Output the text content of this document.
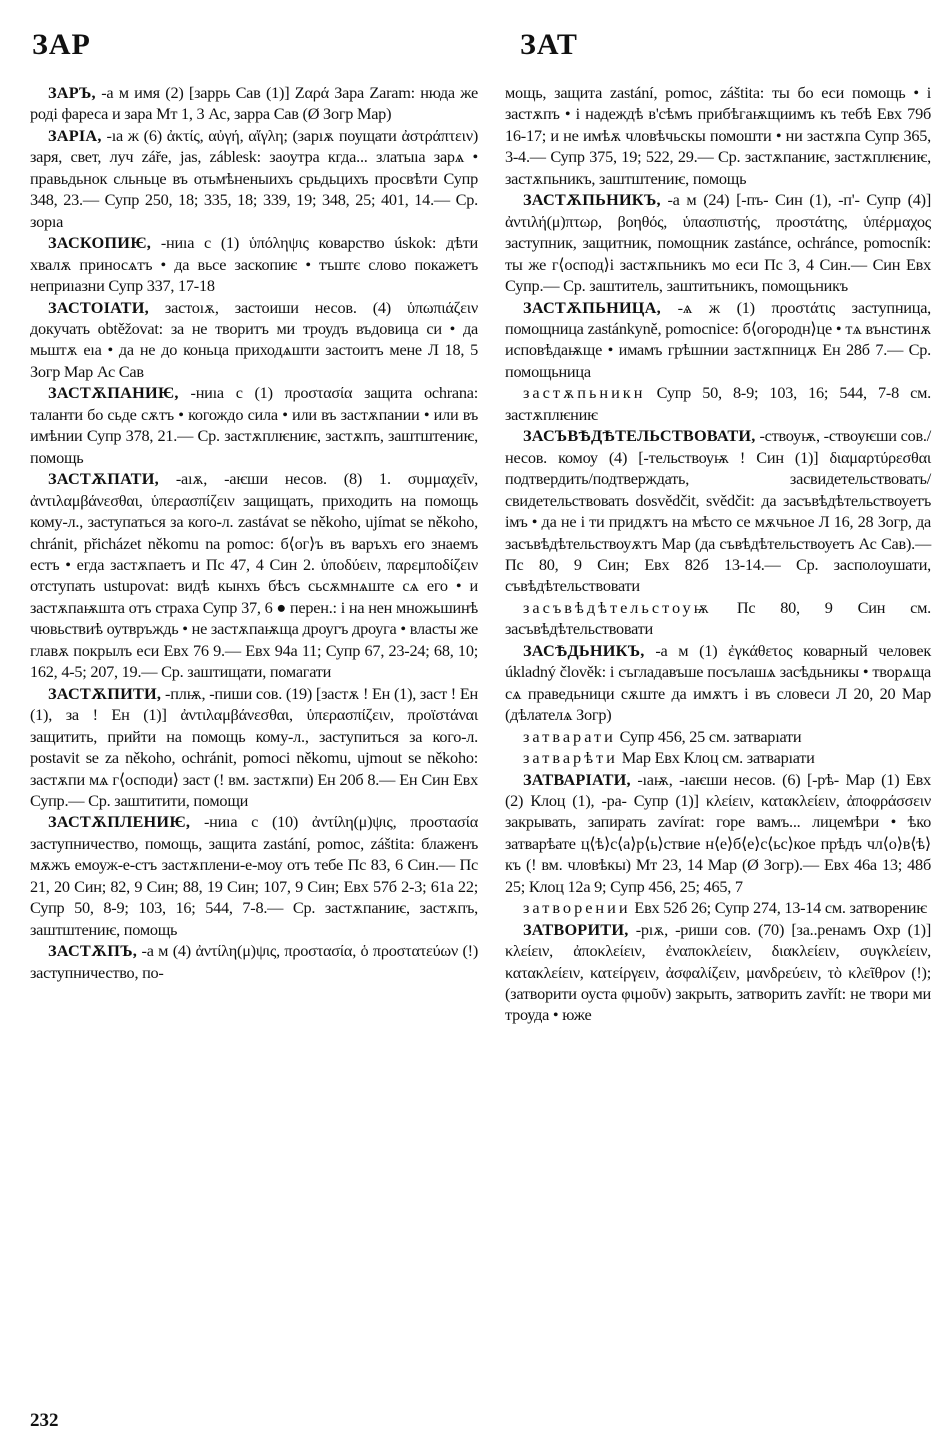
ЗАР	ЗАТ

ЗАРЪ, -а м имя (2) [заррь Сав (1)] Ζαρά Зара Zaram: нюда же роді фареса и зара Мт 1, 3 Ас, зарра Сав (Ø Зогр Мар)

ЗАРІА, -ıа ж (6) ἀκτίς, αὐγή, αἴγλη; (зарıѫ поущати ἀστράπτειν) заря, свет, луч záře, jas, záblesk: заоутра кгда... златыıа зарѧ • правьдьнок сльньце въ отьмѣненыихъ срьдьцихъ просвѣти Супр 348, 23.— Супр 250, 18; 335, 18; 339, 19; 348, 25; 401, 14.— Ср. зорıа

ЗАСКОПИѤ, -ниıа с (1) ὑπόληψις коварство úskok: дѣти хвалѫ приносѧтъ • да вьсе заскопиѥ • тъштє слово покажетъ неприıазни Супр 337, 17-18

ЗАСТОІАТИ, застоıѫ, застоиши несов. (4) ὑπωπιάζειν докучать obtěžovat: за не творитъ ми троудъ въдовица си • да мьштѫ еıа • да не до коньца приходѧшти застоитъ мене Л 18, 5 Зогр Мар Ас Сав

ЗАСТѪПАНИѤ, -ниıа с (1) προστασία защита ochrana: таланти бо сьде сѫтъ • когождо сила • или въ застѫпании • или въ имѣнии Супр 378, 21.— Ср. застѫплѥниѥ, застѫпъ, заштштениѥ, помощь

ЗАСТѪПАТИ, -аıѫ, -аѥши несов. (8) 1. συμμαχεῖν, ἀντιλαμβάνεσθαι, ὑπερασπίζειν защищать, приходить на помощь кому-л., заступаться за кого-л. zastávat se někoho, ujímat se někoho, chránit, přicházet někomu na pomoc: б⟨ог⟩ъ въ варъхъ его знаемъ естъ • егда застѫпаетъ и Пс 47, 4 Син 2. ὑποδύειν, παρεμποδίζειν отступать ustupovat: видѣ кынхъ бѣсъ сьсѫмнѧште сѧ его • и застѫпаѭшта отъ страха Супр 37, 6 ● перен.: і на нен множьшинѣ чювьствиѣ оутвръждь • не застѫпаѭща дроугъ дроуга • власты же главѫ покрылъ еси Евх 76 9.— Евх 94а 11; Супр 67, 23-24; 68, 10; 162, 4-5; 207, 19.— Ср. заштищати, помагати

ЗАСТѪПИТИ, -плѭ, -пиши сов. (19) [застѫ ! Ен (1), заст ! Ен (1), за ! Ен (1)] ἀντιλαμβάνεσθαι, ὑπερασπίζειν, προϊστάναι защитить, прийти на помощь кому-л., заступиться за кого-л. postavit se za někoho, ochránit, pomoci někomu, ujmout se někoho: застѫпи мѧ г⟨осподи⟩ заст (! вм. застѫпи) Ен 20б 8.— Ен Син Евх Супр.— Ср. заштитити, помощи

ЗАСТѪПЛЕНИѤ, -ниıа с (10) ἀντίλη(μ)ψις, προστασία заступничество, помощь, защита zastání, pomoc, záštita: блаженъ мѫжъ емоуж-е-стъ застѫплени-е-моу отъ тебе Пс 83, 6 Син.— Пс 21, 20 Син; 82, 9 Син; 88, 19 Син; 107, 9 Син; Евх 57б 2-3; 61а 22; Супр 50, 8-9; 103, 16; 544, 7-8.— Ср. застѫпаниѥ, застѫпъ, заштштениѥ, помощь

ЗАСТѪПЪ, -а м (4) ἀντίλη(μ)ψις, προστασία, ὁ προστατεύων (!) заступничество, по-

мощь, защита zastání, pomoc, záštita: ты бо еси помощь • і застѫпъ • і надеждѣ в'сѣмъ прибѣгаѭщиимъ къ тебѣ Евх 79б 16-17; и не имѣѫ чловѣчьскы помошти • ни застѫпа Супр 365, 3-4.— Супр 375, 19; 522, 29.— Ср. застѫпаниѥ, застѫплѥниѥ, застѫпьникъ, заштштениѥ, помощь

ЗАСТѪПЬНИКЪ, -а м (24) [-пъ- Син (1), -п'- Супр (4)] ἀντιλή(μ)πτωρ, βοηθός, ὑπασπιστής, προστάτης, ὑπέρμαχος заступник, защитник, помощник zastánce, ochránce, pomocník: ты же г⟨оспод⟩і застѫпьникъ мо еси Пс 3, 4 Син.— Син Евх Супр.— Ср. заштитель, заштитьникъ, помощьникъ

ЗАСТѪПЬНИЦА, -ѧ ж (1) προστάτις заступница, помощница zastánkyně, pomocnice: б⟨огородн⟩це • тѧ вънстинѫ исповѣдаѭще • имамъ грѣшнии застѫпницѫ Ен 28б 7.— Ср. помощьница

застѫпьникн Супр 50, 8-9; 103, 16; 544, 7-8 см. застѫплѥниѥ

ЗАСЪВѢДѢТЕЛЬСТВОВАТИ, -ствоуѭ, -ствоуѥши сов./несов. комоу (4) [-тельствоуѭ ! Син (1)] διαμαρτύρεσθαι подтвердить/подтверждать, засвидетельствовать/свидетельствовать dosvědčit, svědčit: да засъвѣдѣтельствоуетъ імъ • да не і ти придѫтъ на мѣсто се мѫчьное Л 16, 28 Зогр, да засъвѣдѣтельствоуѫтъ Мар (да съвѣдѣтельствоуетъ Ас Сав).— Пс 80, 9 Син; Евх 82б 13-14.— Ср. засполоушати, съвѣдѣтельствовати

засъвѣдѣтельстоуѭ Пс 80, 9 Син см. засъвѣдѣтельствовати

ЗАСѢДЬНИКЪ, -а м (1) ἐγκάθετος коварный человек úkladný člověk: і съгладавъше посълашѧ засѣдьникы • творѧща сѧ праведьници сѫште да имѫтъ і въ словеси Л 20, 20 Мар (дѣлателѧ Зогр)

затварати Супр 456, 25 см. затварıати

затварѣти Мар Евх Клоц см. затварıати

ЗАТВАРІАТИ, -ıаѭ, -ıаѥши несов. (6) [-рѣ- Мар (1) Евх (2) Клоц (1), -ра- Супр (1)] κλείειν, κατακλείειν, ἀποφράσσειν закрывать, запирать zavírat: горе вамъ... лицемѣри • ѣко затварѣате ц⟨ѣ⟩с⟨а⟩р⟨ь⟩ствие н⟨е⟩б⟨е⟩с⟨ьс⟩кое прѣдъ чл⟨о⟩в⟨ѣ⟩къ (! вм. чловѣкы) Мт 23, 14 Мар (Ø Зогр).— Евх 46а 13; 48б 25; Клоц 12а 9; Супр 456, 25; 465, 7

затворении Евх 52б 26; Супр 274, 13-14 см. затворениѥ

ЗАТВОРИТИ, -рıѫ, -риши сов. (70) [за..ренамъ Охр (1)] κλείειν, ἀποκλείειν, ἐναποκλείειν, διακλείειν, συγκλείειν, κατακλείειν, κατείργειν, ἀσφαλίζειν, μανδρεύειν, τὸ κλεῖθρον (!); (затворити оуста φιμοῦν) закрыть, затворить zavřít: не твори ми троуда • юже

232
